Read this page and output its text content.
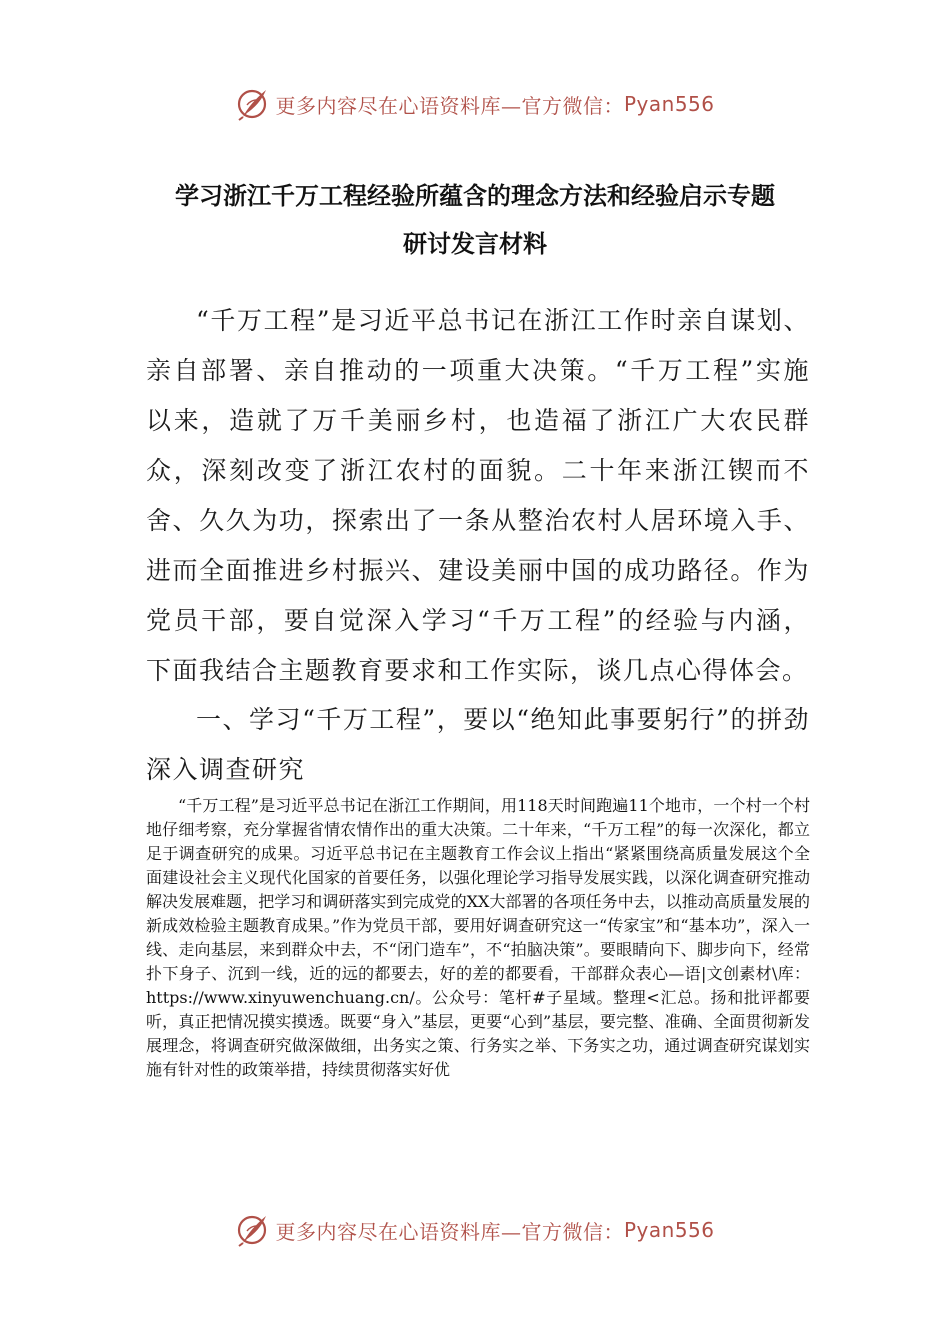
更多内容尽在心语资料库—官方微信： Pyan556
学习浙江千万工程经验所蕴含的理念方法和经验启示专题
研讨发言材料

“千万工程”是习近平总书记在浙江工作时亲自谋划、亲自部署、亲自推动的一项重大决策。“千万工程”实施以来，造就了万千美丽乡村，也造福了浙江广大农民群众，深刻改变了浙江农村的面貌。二十年来浙江锲而不舍、久久为功，探索出了一条从整治农村人居环境入手、进而全面推进乡村振兴、建设美丽中国的成功路径。作为党员干部，要自觉深入学习“千万工程”的经验与内涵，下面我结合主题教育要求和工作实际，谈几点心得体会。

一、学习“千万工程”，要以“绝知此事要躬行”的拼劲深入调查研究

“千万工程”是习近平总书记在浙江工作期间，用118天时间跑遍11个地市，一个村一个村地仔细考察，充分掌握省情农情作出的重大决策。二十年来，“千万工程”的每一次深化，都立足于调查研究的成果。习近平总书记在主题教育工作会议上指出“紧紧围绕高质量发展这个全面建设社会主义现代化国家的首要任务，以强化理论学习指导发展实践，以深化调查研究推动解决发展难题，把学习和调研落实到完成党的XX大部署的各项任务中去，以推动高质量发展的新成效检验主题教育成果。”作为党员干部，要用好调查研究这一“传家宝”和“基本功”，深入一线、走向基层，来到群众中去，不“闭门造车”，不“拍脑决策”。要眼睛向下、脚步向下，经常扑下身子、沉到一线，近的远的都要去，好的差的都要看，干部群众表心—语|文创素材\库：https://www.xinyuwenchuang.cn/。公众号：笔杆#子星域。整理<汇总。扬和批评都要听，真正把情况摸实摸透。既要“身入”基层，更要“心到”基层，要完整、准确、全面贯彻新发展理念，将调查研究做深做细，出务实之策、行务实之举、下务实之功，通过调查研究谋划实施有针对性的政策举措，持续贯彻落实好优

更多内容尽在心语资料库—官方微信： Pyan556
